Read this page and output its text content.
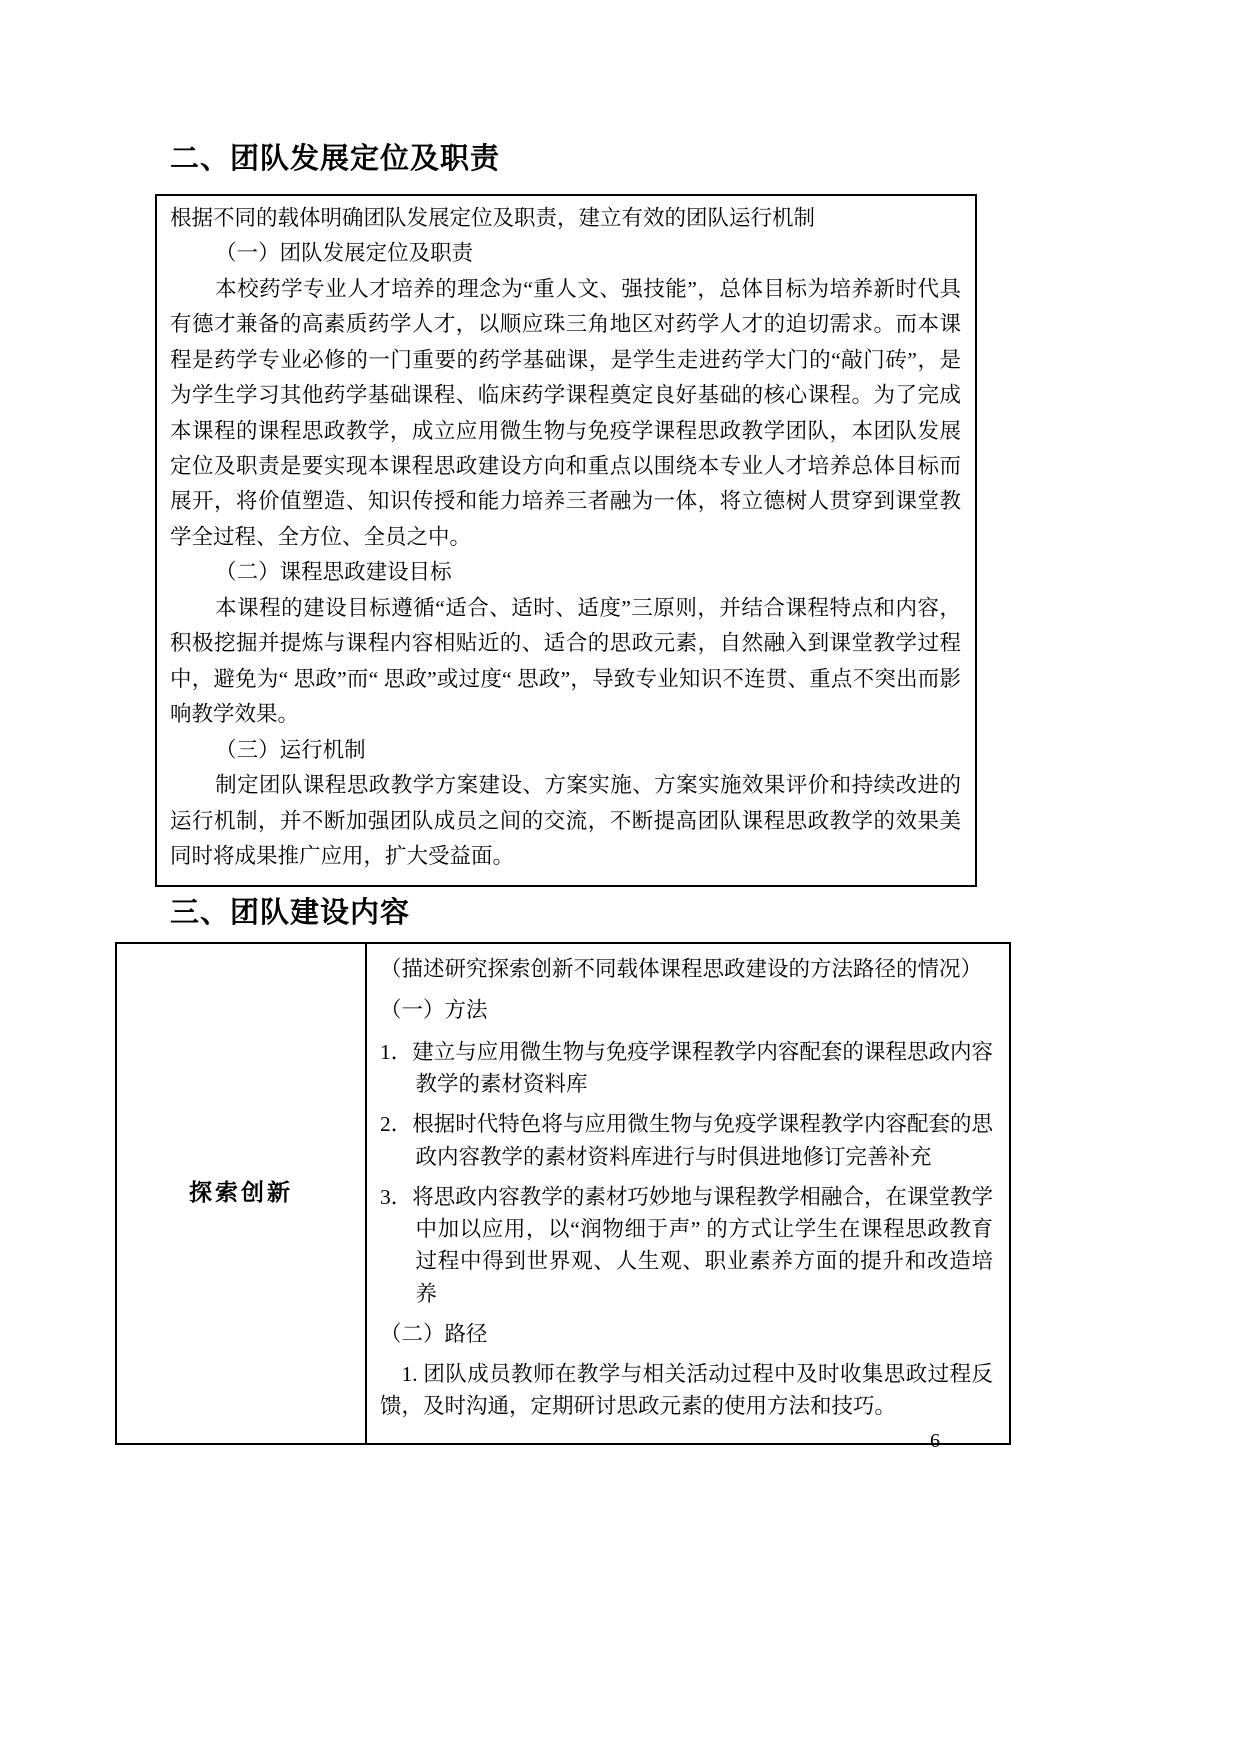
二、团队发展定位及职责

根据不同的载体明确团队发展定位及职责，建立有效的团队运行机制

（一）团队发展定位及职责

本校药学专业人才培养的理念为“重人文、强技能”，总体目标为培养新时代具有德才兼备的高素质药学人才，以顺应珠三角地区对药学人才的迫切需求。而本课程是药学专业必修的一门重要的药学基础课，是学生走进药学大门的“敲门砖”，是为学生学习其他药学基础课程、临床药学课程奠定良好基础的核心课程。为了完成本课程的课程思政教学，成立应用微生物与免疫学课程思政教学团队，本团队发展定位及职责是要实现本课程思政建设方向和重点以围绕本专业人才培养总体目标而展开，将价值塑造、知识传授和能力培养三者融为一体，将立德树人贯穿到课堂教学全过程、全方位、全员之中。

（二）课程思政建设目标

本课程的建设目标遵循“适合、适时、适度”三原则，并结合课程特点和内容，积极挖掘并提炼与课程内容相贴近的、适合的思政元素，自然融入到课堂教学过程中，避免为“ 思政”而“ 思政”或过度“ 思政”，导致专业知识不连贯、重点不突出而影响教学效果。

（三）运行机制

制定团队课程思政教学方案建设、方案实施、方案实施效果评价和持续改进的运行机制，并不断加强团队成员之间的交流，不断提高团队课程思政教学的效果美同时将成果推广应用，扩大受益面。

三、团队建设内容
探索创新	

（描述研究探索创新不同载体课程思政建设的方法路径的情况）

（一）方法

1．建立与应用微生物与免疫学课程教学内容配套的课程思政内容教学的素材资料库

2．根据时代特色将与应用微生物与免疫学课程教学内容配套的思政内容教学的素材资料库进行与时俱进地修订完善补充

3．将思政内容教学的素材巧妙地与课程教学相融合，在课堂教学中加以应用，以“润物细于声” 的方式让学生在课程思政教育过程中得到世界观、人生观、职业素养方面的提升和改造培养

（二）路径

1. 团队成员教师在教学与相关活动过程中及时收集思政过程反馈，及时沟通，定期研讨思政元素的使用方法和技巧。

6
